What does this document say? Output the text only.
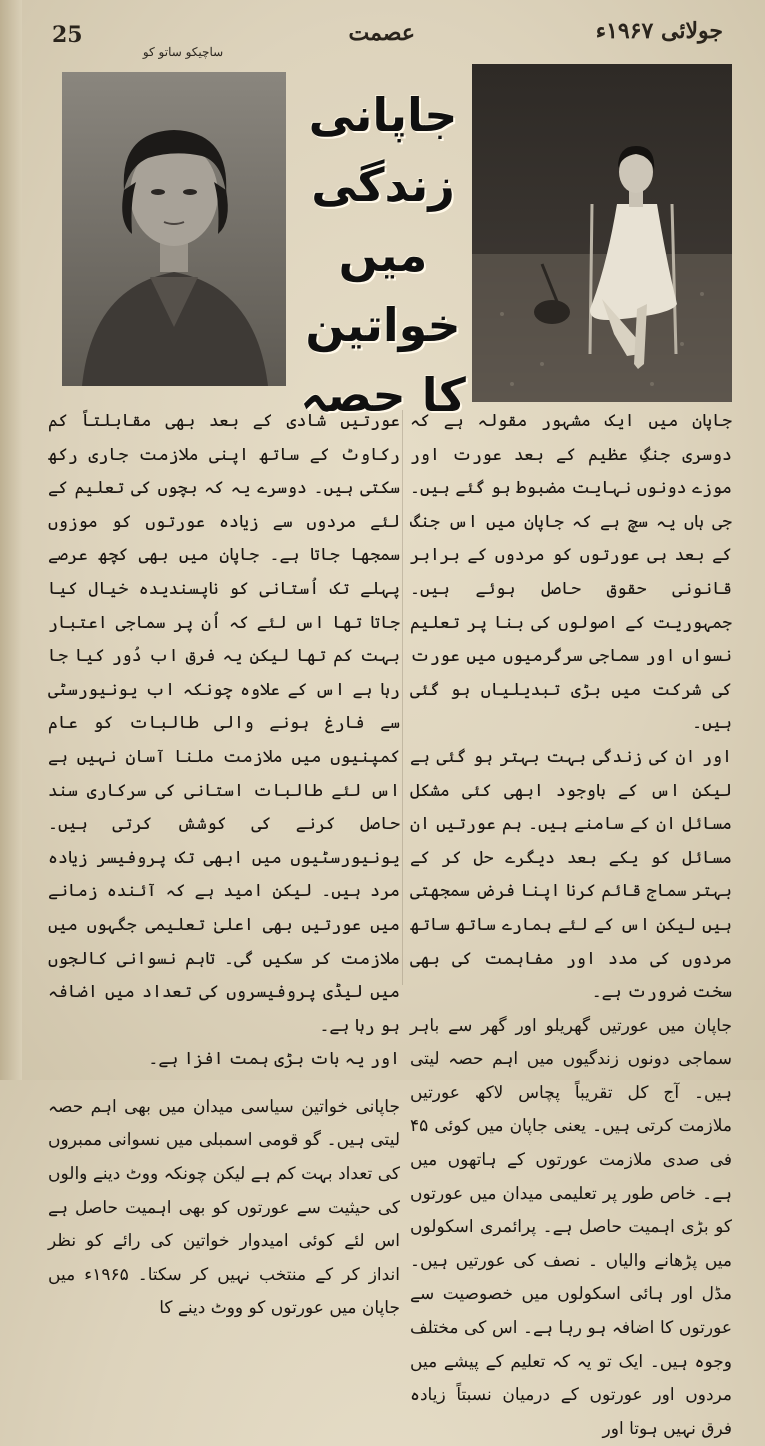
25	عصمت	جولائی ۱۹۶۷ء
ساچیکو ساتو کو
جاپانی
زندگی میں
خواتین
کا حصہ

جاپان میں ایک مشہور مقولہ ہے کہ دوسری جنگِ عظیم کے بعد عورت اور موزے دونوں نہایت مضبوط ہو گئے ہیں۔ جی ہاں یہ سچ ہے کہ جاپان میں اس جنگ کے بعد ہی عورتوں کو مردوں کے برابر قانونی حقوق حاصل ہوئے ہیں۔ جمہوریت کے اصولوں کی بنا پر تعلیم نسواں اور سماجی سرگرمیوں میں عورت کی شرکت میں بڑی تبدیلیاں ہو گئی ہیں۔

اور ان کی زندگی بہت بہتر ہو گئی ہے لیکن اس کے باوجود ابھی کئی مشکل مسائل ان کے سامنے ہیں۔ ہم عورتیں ان مسائل کو یکے بعد دیگرے حل کر کے بہتر سماج قائم کرنا اپنا فرض سمجھتی ہیں لیکن اس کے لئے ہمارے ساتھ ساتھ مردوں کی مدد اور مفاہمت کی بھی سخت ضرورت ہے۔

جاپان میں عورتیں گھریلو اور گھر سے باہر سماجی دونوں زندگیوں میں اہم حصہ لیتی ہیں۔ آج کل تقریباً پچاس لاکھ عورتیں ملازمت کرتی ہیں۔ یعنی جاپان میں کوئی ۴۵ فی صدی ملازمت عورتوں کے ہاتھوں میں ہے۔ خاص طور پر تعلیمی میدان میں عورتوں کو بڑی اہمیت حاصل ہے۔ پرائمری اسکولوں میں پڑھانے والیاں ۔ نصف کی عورتیں ہیں۔ مڈل اور ہائی اسکولوں میں خصوصیت سے عورتوں کا اضافہ ہو رہا ہے۔ اس کی مختلف وجوہ ہیں۔ ایک تو یہ کہ تعلیم کے پیشے میں مردوں اور عورتوں کے درمیان نسبتاً زیادہ فرق نہیں ہوتا اور

عورتیں شادی کے بعد بھی مقابلتاً کم رکاوٹ کے ساتھ اپنی ملازمت جاری رکھ سکتی ہیں۔ دوسرے یہ کہ بچوں کی تعلیم کے لئے مردوں سے زیادہ عورتوں کو موزوں سمجھا جاتا ہے۔ جاپان میں بھی کچھ عرصے پہلے تک اُستانی کو ناپسندیدہ خیال کیا جاتا تھا اس لئے کہ اُن پر سماجی اعتبار بہت کم تھا لیکن یہ فرق اب دُور کیا جا رہا ہے اس کے علاوہ چونکہ اب یونیورسٹی سے فارغ ہونے والی طالبات کو عام کمپنیوں میں ملازمت ملنا آسان نہیں ہے اس لئے طالبات استانی کی سرکاری سند حاصل کرنے کی کوشش کرتی ہیں۔ یونیورسٹیوں میں ابھی تک پروفیسر زیادہ مرد ہیں۔ لیکن امید ہے کہ آئندہ زمانے میں عورتیں بھی اعلیٰ تعلیمی جگہوں میں ملازمت کر سکیں گی۔ تاہم نسوانی کالجوں میں لیڈی پروفیسروں کی تعداد میں اضافہ ہو رہا ہے۔

اور یہ بات بڑی ہمت افزا ہے۔

جاپانی خواتین سیاسی میدان میں بھی اہم حصہ لیتی ہیں۔ گو قومی اسمبلی میں نسوانی ممبروں کی تعداد بہت کم ہے لیکن چونکہ ووٹ دینے والوں کی حیثیت سے عورتوں کو بھی اہمیت حاصل ہے اس لئے کوئی امیدوار خواتین کی رائے کو نظر انداز کر کے منتخب نہیں کر سکتا۔ ۱۹۶۵ء میں جاپان میں عورتوں کو ووٹ دینے کا
